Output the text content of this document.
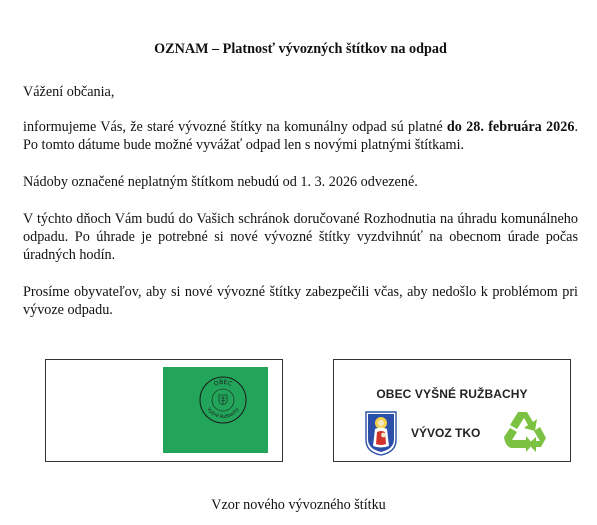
OZNAM – Platnosť vývozných štítkov na odpad
Vážení občania,
informujeme Vás, že staré vývozné štítky na komunálny odpad sú platné do 28. februára 2026. Po tomto dátume bude možné vyvážať odpad len s novými platnými štítkami.
Nádoby označené neplatným štítkom nebudú od 1. 3. 2026 odvezené.
V týchto dňoch Vám budú do Vašich schránok doručované Rozhodnutia na úhradu komunálneho odpadu. Po úhrade je potrebné si nové vývozné štítky vyzdvihnúť na obecnom úrade počas úradných hodín.
Prosíme obyvateľov, aby si nové vývozné štítky zabezpečili včas, aby nedošlo k problémom pri vývoze odpadu.
OBEC
Vyšné Ružbachy
OBEC VYŠNÉ RUŽBACHY
VÝVOZ TKO
Vzor nového vývozného štítku
